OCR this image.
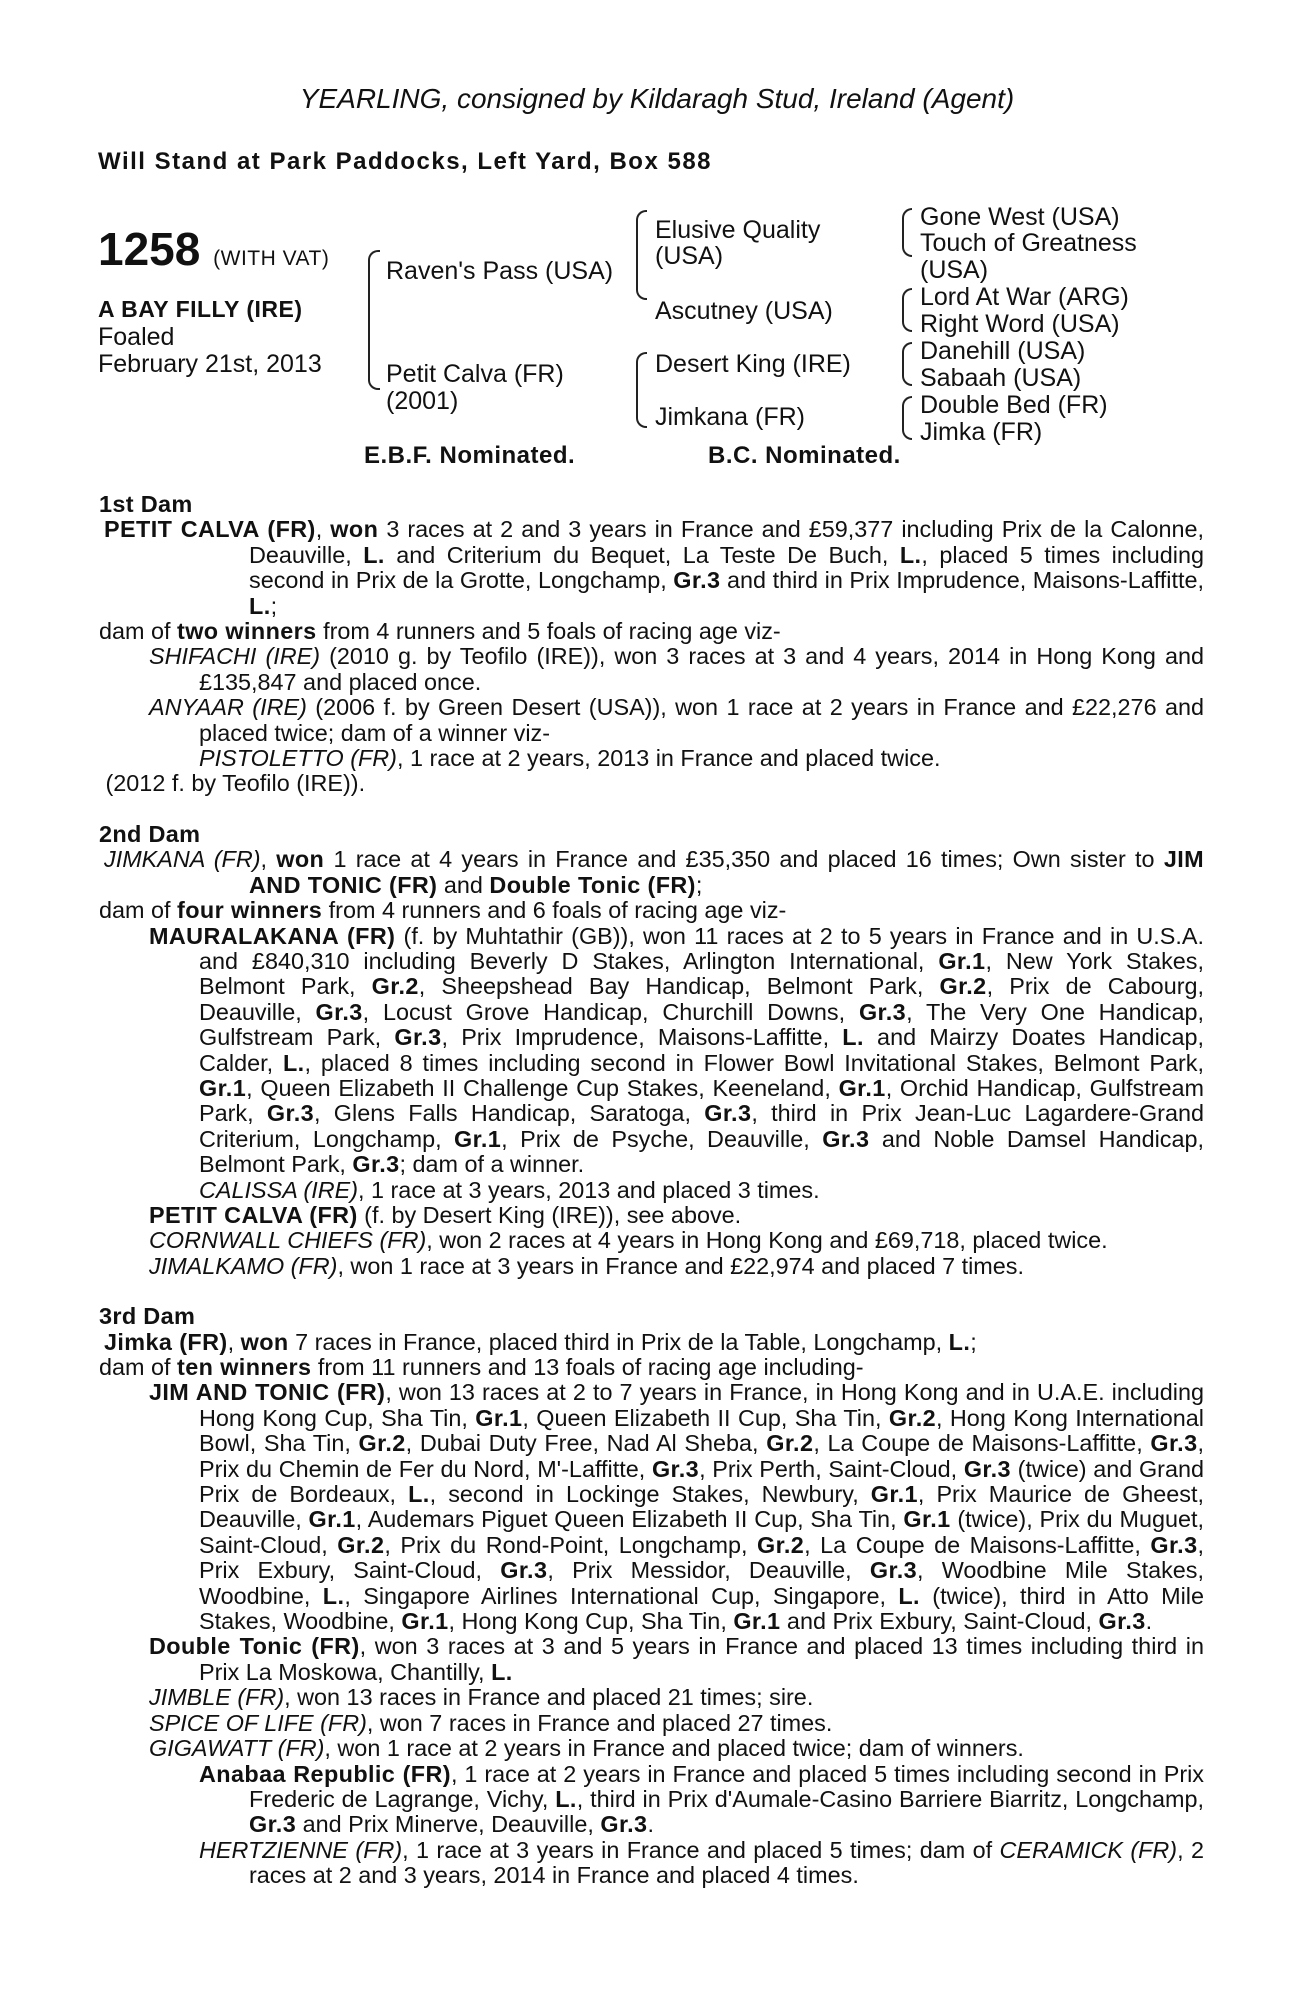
YEARLING, consigned by Kildaragh Stud, Ireland (Agent)
Will Stand at Park Paddocks, Left Yard, Box 588
1258 (WITH VAT)
A BAY FILLY (IRE)
Foaled
February 21st, 2013
Raven's Pass (USA)
Petit Calva (FR)
(2001)
Elusive Quality
(USA)
Ascutney (USA)
Desert King (IRE)
Jimkana (FR)
Gone West (USA)
Touch of Greatness
(USA)
Lord At War (ARG)
Right Word (USA)
Danehill (USA)
Sabaah (USA)
Double Bed (FR)
Jimka (FR)
E.B.F. Nominated.	B.C. Nominated.
1st Dam

PETIT CALVA (FR), won 3 races at 2 and 3 years in France and £59,377 including Prix de la Calonne, Deauville, L. and Criterium du Bequet, La Teste De Buch, L., placed 5 times including second in Prix de la Grotte, Longchamp, Gr.3 and third in Prix Imprudence, Maisons-Laffitte, L.;

dam of two winners from 4 runners and 5 foals of racing age viz-

SHIFACHI (IRE) (2010 g. by Teofilo (IRE)), won 3 races at 3 and 4 years, 2014 in Hong Kong and £135,847 and placed once.

ANYAAR (IRE) (2006 f. by Green Desert (USA)), won 1 race at 2 years in France and £22,276 and placed twice; dam of a winner viz-

PISTOLETTO (FR), 1 race at 2 years, 2013 in France and placed twice.

(2012 f. by Teofilo (IRE)).

2nd Dam

JIMKANA (FR), won 1 race at 4 years in France and £35,350 and placed 16 times; Own sister to JIM AND TONIC (FR) and Double Tonic (FR);

dam of four winners from 4 runners and 6 foals of racing age viz-

MAURALAKANA (FR) (f. by Muhtathir (GB)), won 11 races at 2 to 5 years in France and in U.S.A. and £840,310 including Beverly D Stakes, Arlington International, Gr.1, New York Stakes, Belmont Park, Gr.2, Sheepshead Bay Handicap, Belmont Park, Gr.2, Prix de Cabourg, Deauville, Gr.3, Locust Grove Handicap, Churchill Downs, Gr.3, The Very One Handicap, Gulfstream Park, Gr.3, Prix Imprudence, Maisons-Laffitte, L. and Mairzy Doates Handicap, Calder, L., placed 8 times including second in Flower Bowl Invitational Stakes, Belmont Park, Gr.1, Queen Elizabeth II Challenge Cup Stakes, Keeneland, Gr.1, Orchid Handicap, Gulfstream Park, Gr.3, Glens Falls Handicap, Saratoga, Gr.3, third in Prix Jean-Luc Lagardere-Grand Criterium, Longchamp, Gr.1, Prix de Psyche, Deauville, Gr.3 and Noble Damsel Handicap, Belmont Park, Gr.3; dam of a winner.

CALISSA (IRE), 1 race at 3 years, 2013 and placed 3 times.

PETIT CALVA (FR) (f. by Desert King (IRE)), see above.

CORNWALL CHIEFS (FR), won 2 races at 4 years in Hong Kong and £69,718, placed twice.

JIMALKAMO (FR), won 1 race at 3 years in France and £22,974 and placed 7 times.

3rd Dam

Jimka (FR), won 7 races in France, placed third in Prix de la Table, Longchamp, L.;

dam of ten winners from 11 runners and 13 foals of racing age including-

JIM AND TONIC (FR), won 13 races at 2 to 7 years in France, in Hong Kong and in U.A.E. including Hong Kong Cup, Sha Tin, Gr.1, Queen Elizabeth II Cup, Sha Tin, Gr.2, Hong Kong International Bowl, Sha Tin, Gr.2, Dubai Duty Free, Nad Al Sheba, Gr.2, La Coupe de Maisons-Laffitte, Gr.3, Prix du Chemin de Fer du Nord, M'-Laffitte, Gr.3, Prix Perth, Saint-Cloud, Gr.3 (twice) and Grand Prix de Bordeaux, L., second in Lockinge Stakes, Newbury, Gr.1, Prix Maurice de Gheest, Deauville, Gr.1, Audemars Piguet Queen Elizabeth II Cup, Sha Tin, Gr.1 (twice), Prix du Muguet, Saint-Cloud, Gr.2, Prix du Rond-Point, Longchamp, Gr.2, La Coupe de Maisons-Laffitte, Gr.3, Prix Exbury, Saint-Cloud, Gr.3, Prix Messidor, Deauville, Gr.3, Woodbine Mile Stakes, Woodbine, L., Singapore Airlines International Cup, Singapore, L. (twice), third in Atto Mile Stakes, Woodbine, Gr.1, Hong Kong Cup, Sha Tin, Gr.1 and Prix Exbury, Saint-Cloud, Gr.3.

Double Tonic (FR), won 3 races at 3 and 5 years in France and placed 13 times including third in Prix La Moskowa, Chantilly, L.

JIMBLE (FR), won 13 races in France and placed 21 times; sire.

SPICE OF LIFE (FR), won 7 races in France and placed 27 times.

GIGAWATT (FR), won 1 race at 2 years in France and placed twice; dam of winners.

Anabaa Republic (FR), 1 race at 2 years in France and placed 5 times including second in Prix Frederic de Lagrange, Vichy, L., third in Prix d'Aumale-Casino Barriere Biarritz, Longchamp, Gr.3 and Prix Minerve, Deauville, Gr.3.

HERTZIENNE (FR), 1 race at 3 years in France and placed 5 times; dam of CERAMICK (FR), 2 races at 2 and 3 years, 2014 in France and placed 4 times.
